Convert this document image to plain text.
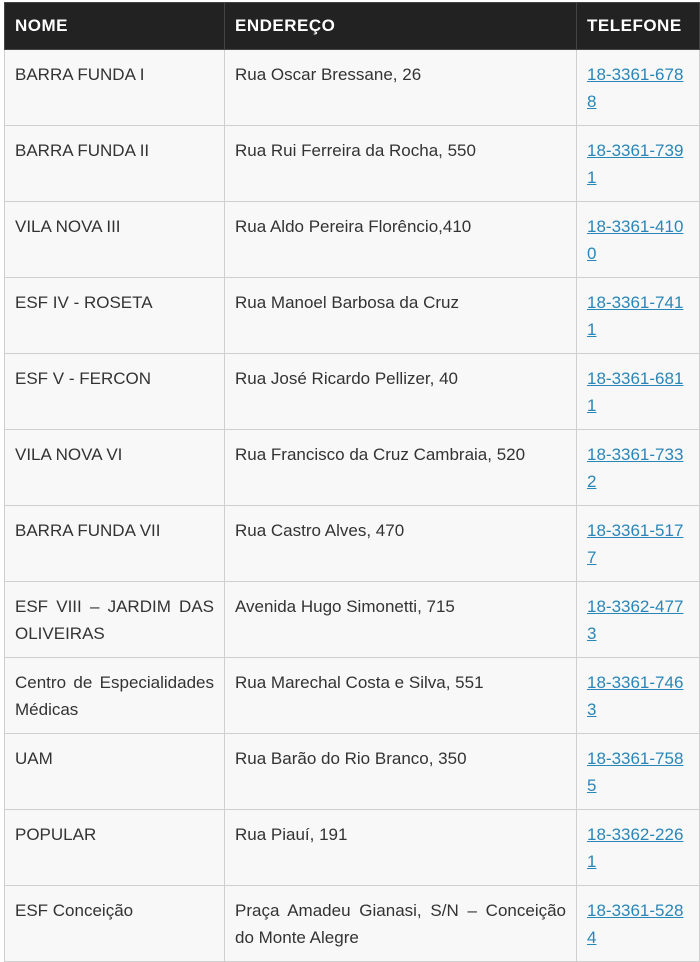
NOME	ENDEREÇO	TELEFONE
BARRA FUNDA I	Rua Oscar Bressane, 26	18-3361-6788
BARRA FUNDA II	Rua Rui Ferreira da Rocha, 550	18-3361-7391
VILA NOVA III	Rua Aldo Pereira Florêncio,410	18-3361-4100
ESF IV - ROSETA	Rua Manoel Barbosa da Cruz	18-3361-7411
ESF V - FERCON	Rua José Ricardo Pellizer, 40	18-3361-6811
VILA NOVA VI	Rua Francisco da Cruz Cambraia, 520	18-3361-7332
BARRA FUNDA VII	Rua Castro Alves, 470	18-3361-5177
ESF VIII – JARDIM DAS OLIVEIRAS	Avenida Hugo Simonetti, 715	18-3362-4773
Centro de Especialidades Médicas	Rua Marechal Costa e Silva, 551	18-3361-7463
UAM	Rua Barão do Rio Branco, 350	18-3361-7585
POPULAR	Rua Piauí, 191	18-3362-2261
ESF Conceição	Praça Amadeu Gianasi, S/N – Conceição do Monte Alegre	18-3361-5284
